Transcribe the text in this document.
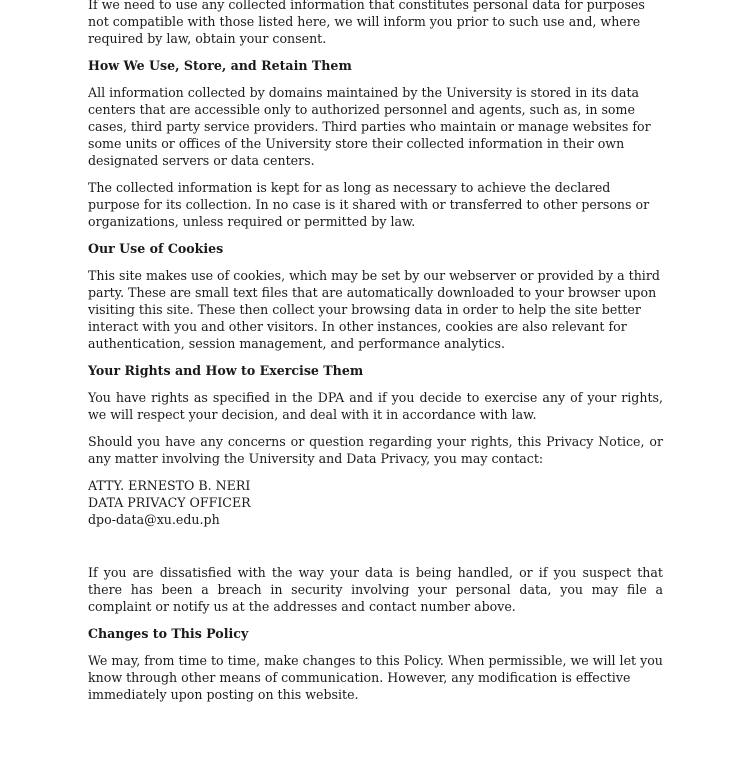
If we need to use any collected information that constitutes personal data for purposes not compatible with those listed here, we will inform you prior to such use and, where required by law, obtain your consent.

How We Use, Store, and Retain Them

All information collected by domains maintained by the University is stored in its data centers that are accessible only to authorized personnel and agents, such as, in some cases, third party service providers. Third parties who maintain or manage websites for some units or offices of the University store their collected information in their own designated servers or data centers.

The collected information is kept for as long as necessary to achieve the declared purpose for its collection. In no case is it shared with or transferred to other persons or organizations, unless required or permitted by law.

Our Use of Cookies

This site makes use of cookies, which may be set by our webserver or provided by a third party. These are small text files that are automatically downloaded to your browser upon visiting this site. These then collect your browsing data in order to help the site better interact with you and other visitors. In other instances, cookies are also relevant for authentication, session management, and performance analytics.

Your Rights and How to Exercise Them

You have rights as specified in the DPA and if you decide to exercise any of your rights, we will respect your decision, and deal with it in accordance with law.

Should you have any concerns or question regarding your rights, this Privacy Notice, or any matter involving the University and Data Privacy, you may contact:

ATTY. ERNESTO B. NERI

DATA PRIVACY OFFICER

dpo-data@xu.edu.ph

If you are dissatisfied with the way your data is being handled, or if you suspect that there has been a breach in security involving your personal data, you may file a complaint or notify us at the addresses and contact number above.

Changes to This Policy

We may, from time to time, make changes to this Policy. When permissible, we will let you know through other means of communication. However, any modification is effective immediately upon posting on this website.
